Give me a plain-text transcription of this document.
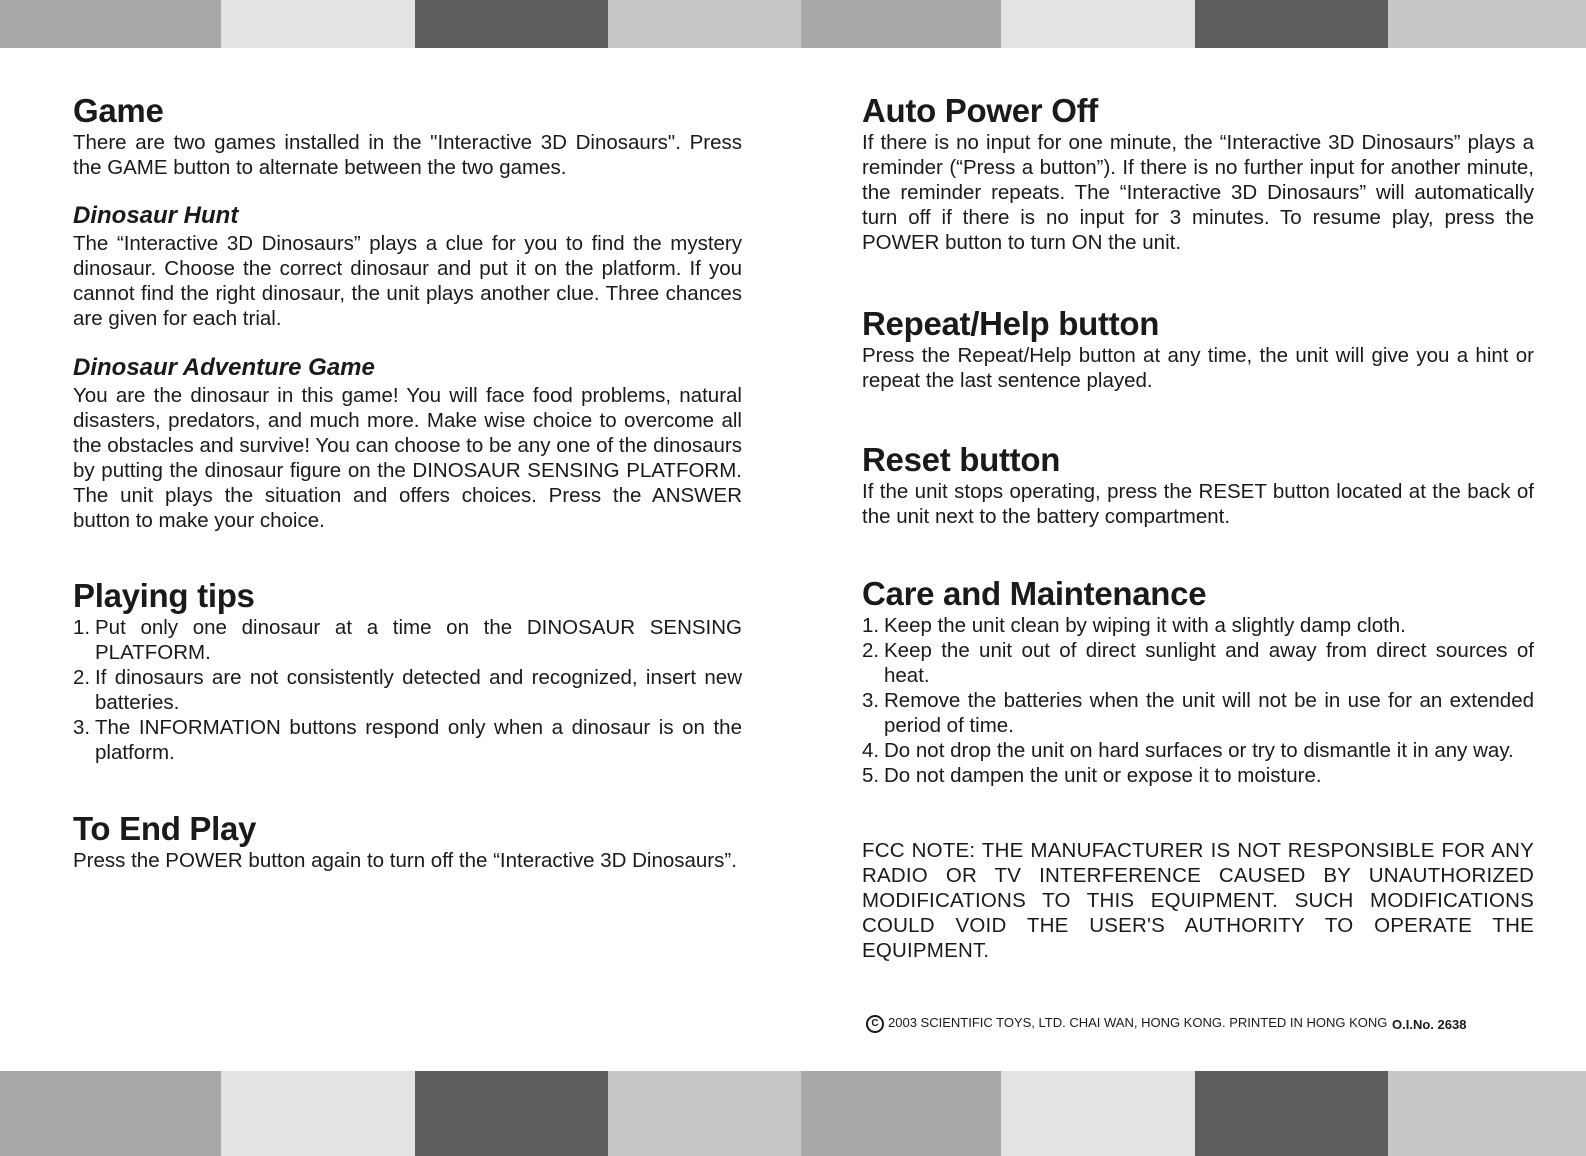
Game

There are two games installed in the "Interactive 3D Dinosaurs". Press the GAME button to alternate between the two games.

Dinosaur Hunt

The “Interactive 3D Dinosaurs” plays a clue for you to find the mystery dinosaur. Choose the correct dinosaur and put it on the platform. If you cannot find the right dinosaur, the unit plays another clue. Three chances are given for each trial.

Dinosaur Adventure Game

You are the dinosaur in this game! You will face food problems, natural disasters, predators, and much more. Make wise choice to overcome all the obstacles and survive! You can choose to be any one of the dinosaurs by putting the dinosaur figure on the DINOSAUR SENSING PLATFORM. The unit plays the situation and offers choices. Press the ANSWER button to make your choice.

Playing tips
1. Put only one dinosaur at a time on the DINOSAUR SENSING PLATFORM.
2. If dinosaurs are not consistently detected and recognized, insert new batteries.
3. The INFORMATION buttons respond only when a dinosaur is on the platform.
To End Play

Press the POWER button again to turn off the “Interactive 3D Dinosaurs”.

Auto Power Off

If there is no input for one minute, the “Interactive 3D Dinosaurs” plays a reminder (“Press a button”). If there is no further input for another minute, the reminder repeats. The “Interactive 3D Dinosaurs” will automatically turn off if there is no input for 3 minutes. To resume play, press the POWER button to turn ON the unit.

Repeat/Help button

Press the Repeat/Help button at any time, the unit will give you a hint or repeat the last sentence played.

Reset button

If the unit stops operating, press the RESET button located at the back of the unit next to the battery compartment.

Care and Maintenance
1. Keep the unit clean by wiping it with a slightly damp cloth.
2. Keep the unit out of direct sunlight and away from direct sources of heat.
3. Remove the batteries when the unit will not be in use for an extended period of time.
4. Do not drop the unit on hard surfaces or try to dismantle it in any way.
5. Do not dampen the unit or expose it to moisture.

FCC NOTE: THE MANUFACTURER IS NOT RESPONSIBLE FOR ANY RADIO OR TV INTERFERENCE CAUSED BY UNAUTHORIZED MODIFICATIONS TO THIS EQUIPMENT. SUCH MODIFICATIONS COULD VOID THE USER'S AUTHORITY TO OPERATE THE EQUIPMENT.

C 2003 SCIENTIFIC TOYS, LTD. CHAI WAN, HONG KONG. PRINTED IN HONG KONG O.I.No. 2638
